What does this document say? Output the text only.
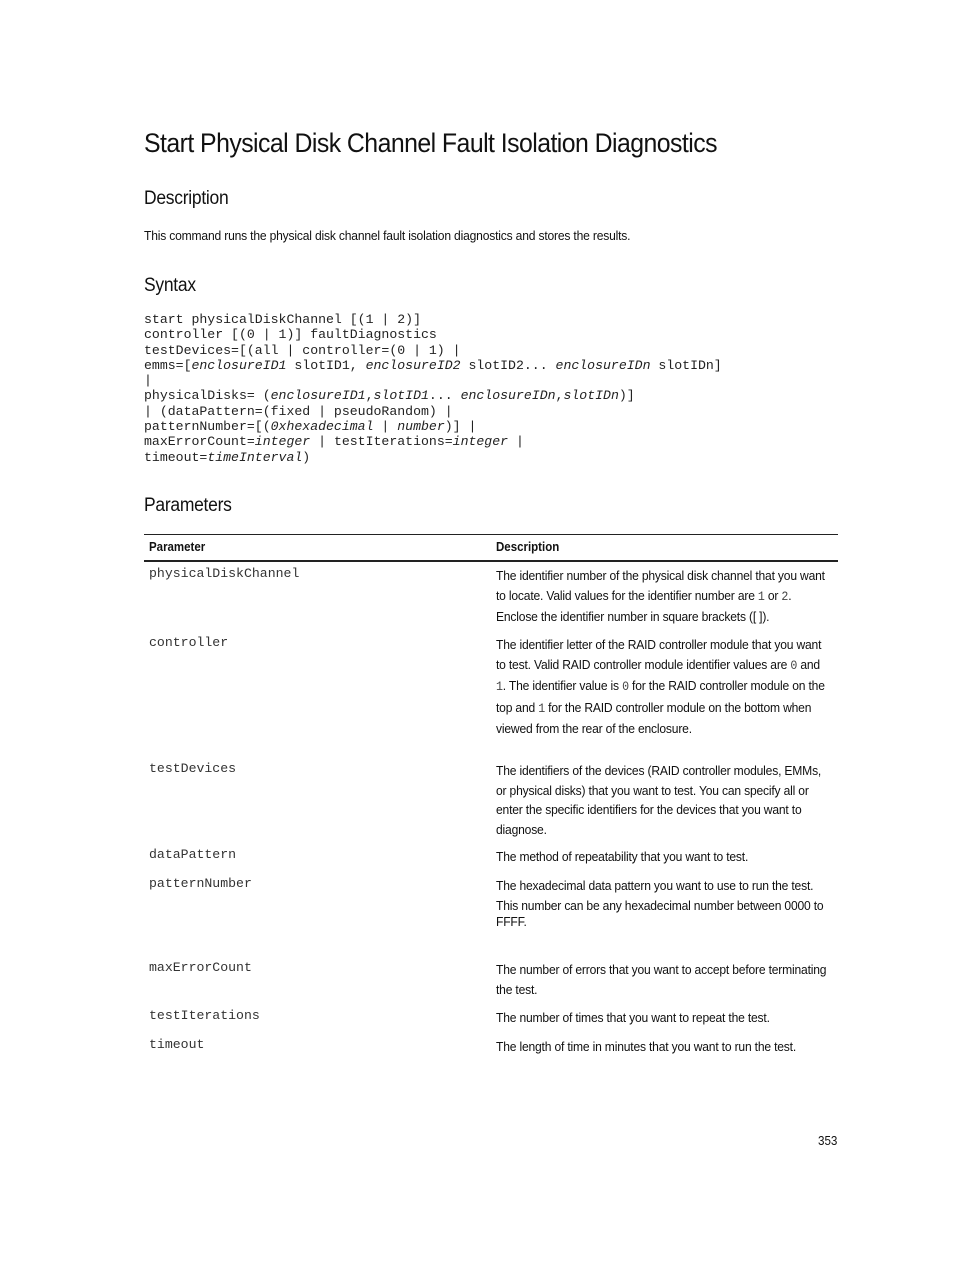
Start Physical Disk Channel Fault Isolation Diagnostics
Description
This command runs the physical disk channel fault isolation diagnostics and stores the results.
Syntax
start physicalDiskChannel [(1 | 2)]
controller [(0 | 1)] faultDiagnostics
testDevices=[(all | controller=(0 | 1) |
emms=[enclosureID1 slotID1, enclosureID2 slotID2... enclosureIDn slotIDn]
|
physicalDisks= (enclosureID1,slotID1... enclosureIDn,slotIDn)]
| (dataPattern=(fixed | pseudoRandom) |
patternNumber=[(0xhexadecimal | number)] |
maxErrorCount=integer | testIterations=integer |
timeout=timeInterval)
Parameters
Parameter	Description
physicalDiskChannel	The identifier number of the physical disk channel that you want to locate. Valid values for the identifier number are 1 or 2. Enclose the identifier number in square brackets ([ ]).

controller	The identifier letter of the RAID controller module that you want to test. Valid RAID controller module identifier values are 0 and 1. The identifier value is 0 for the RAID controller module on the top and 1 for the RAID controller module on the bottom when viewed from the rear of the enclosure.

testDevices	The identifiers of the devices (RAID controller modules, EMMs, or physical disks) that you want to test. You can specify all or enter the specific identifiers for the devices that you want to diagnose.

dataPattern	The method of repeatability that you want to test.

patternNumber	The hexadecimal data pattern you want to use to run the test.

This number can be any hexadecimal number between 0000 to FFFF.

maxErrorCount	The number of errors that you want to accept before terminating the test.

testIterations	The number of times that you want to repeat the test.

timeout	The length of time in minutes that you want to run the test.

353
